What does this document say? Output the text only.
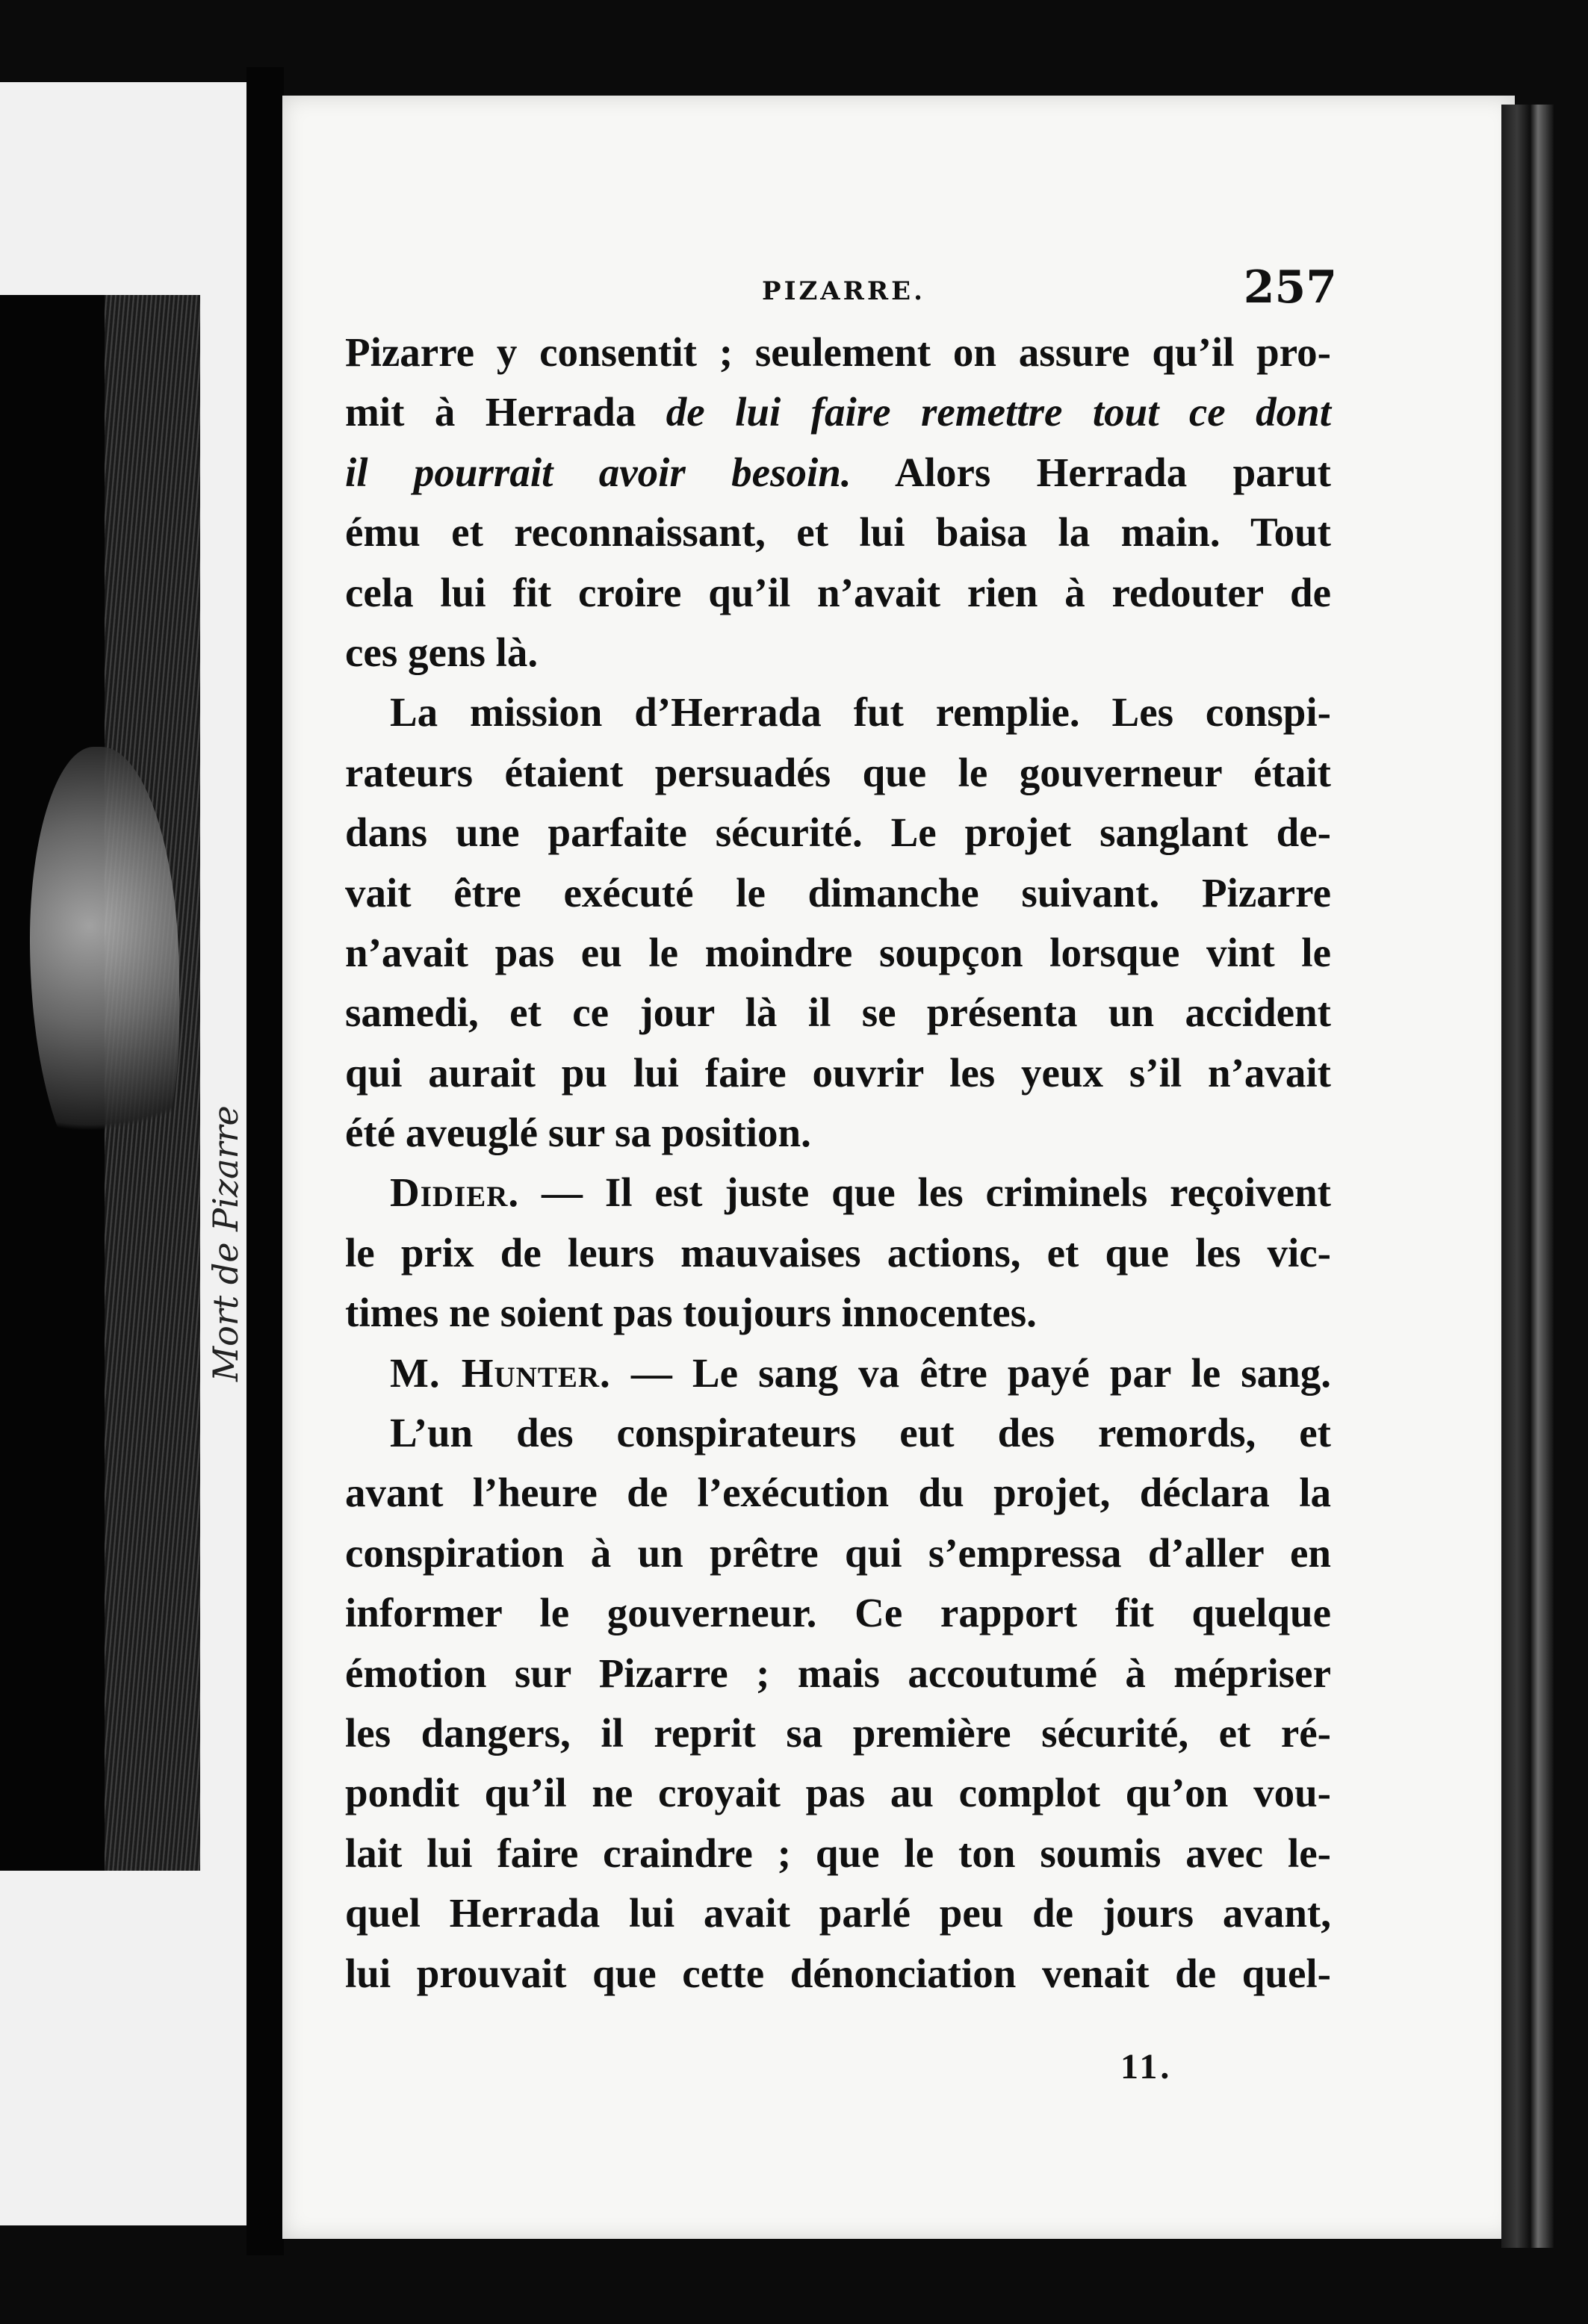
Mort de Pizarre
PIZARRE.	257
Pizarre y consentit ; seulement on assure qu’il pro-
mit à Herrada de lui faire remettre tout ce dont
il pourrait avoir besoin. Alors Herrada parut
ému et reconnaissant, et lui baisa la main. Tout
cela lui fit croire qu’il n’avait rien à redouter de
ces gens là.
La mission d’Herrada fut remplie. Les conspi-
rateurs étaient persuadés que le gouverneur était
dans une parfaite sécurité. Le projet sanglant de-
vait être exécuté le dimanche suivant. Pizarre
n’avait pas eu le moindre soupçon lorsque vint le
samedi, et ce jour là il se présenta un accident
qui aurait pu lui faire ouvrir les yeux s’il n’avait
été aveuglé sur sa position.
Didier. — Il est juste que les criminels reçoivent
le prix de leurs mauvaises actions, et que les vic-
times ne soient pas toujours innocentes.
M. Hunter. — Le sang va être payé par le sang.
L’un des conspirateurs eut des remords, et
avant l’heure de l’exécution du projet, déclara la
conspiration à un prêtre qui s’empressa d’aller en
informer le gouverneur. Ce rapport fit quelque
émotion sur Pizarre ; mais accoutumé à mépriser
les dangers, il reprit sa première sécurité, et ré-
pondit qu’il ne croyait pas au complot qu’on vou-
lait lui faire craindre ; que le ton soumis avec le-
quel Herrada lui avait parlé peu de jours avant,
lui prouvait que cette dénonciation venait de quel-
11.
